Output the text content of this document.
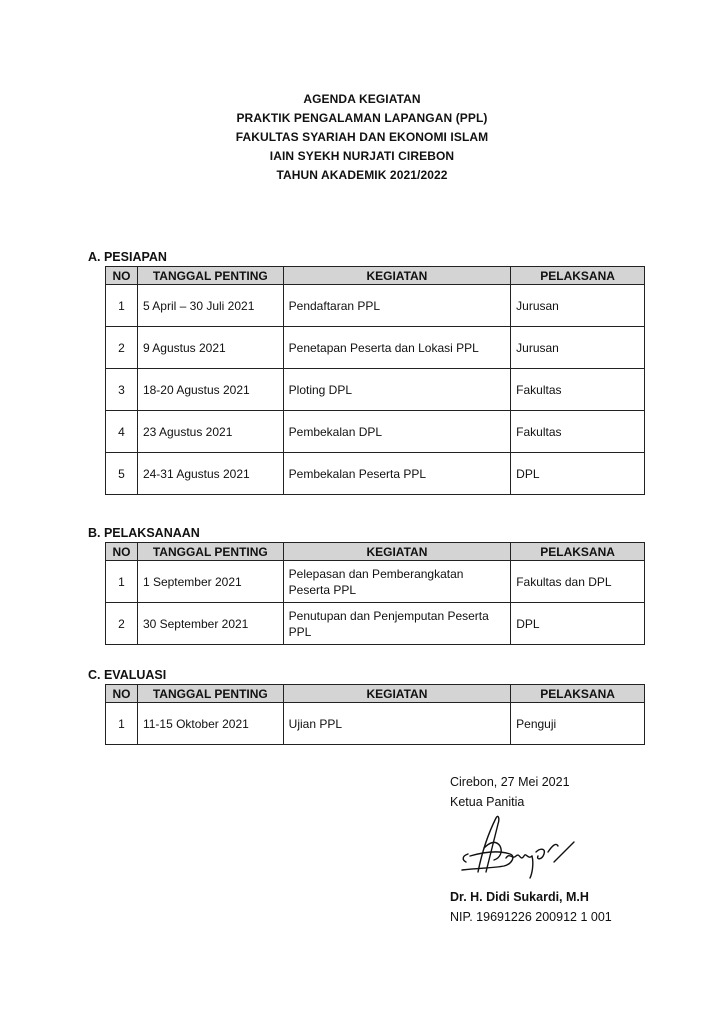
AGENDA KEGIATAN
PRAKTIK PENGALAMAN LAPANGAN (PPL)
FAKULTAS SYARIAH DAN EKONOMI ISLAM
IAIN SYEKH NURJATI CIREBON
TAHUN AKADEMIK 2021/2022
A. PESIAPAN
NO	TANGGAL PENTING	KEGIATAN	PELAKSANA
1	5 April – 30 Juli 2021	Pendaftaran PPL	Jurusan
2	9 Agustus 2021	Penetapan Peserta dan Lokasi PPL	Jurusan
3	18-20 Agustus 2021	Ploting DPL	Fakultas
4	23 Agustus 2021	Pembekalan DPL	Fakultas
5	24-31 Agustus 2021	Pembekalan Peserta PPL	DPL
B. PELAKSANAAN
NO	TANGGAL PENTING	KEGIATAN	PELAKSANA
1	1 September 2021	Pelepasan dan Pemberangkatan Peserta PPL	Fakultas dan DPL
2	30 September 2021	Penutupan dan Penjemputan Peserta PPL	DPL
C. EVALUASI
NO	TANGGAL PENTING	KEGIATAN	PELAKSANA
1	11-15 Oktober 2021	Ujian PPL	Penguji
Cirebon, 27 Mei 2021
Ketua Panitia
Dr. H. Didi Sukardi, M.H
NIP. 19691226 200912 1 001
